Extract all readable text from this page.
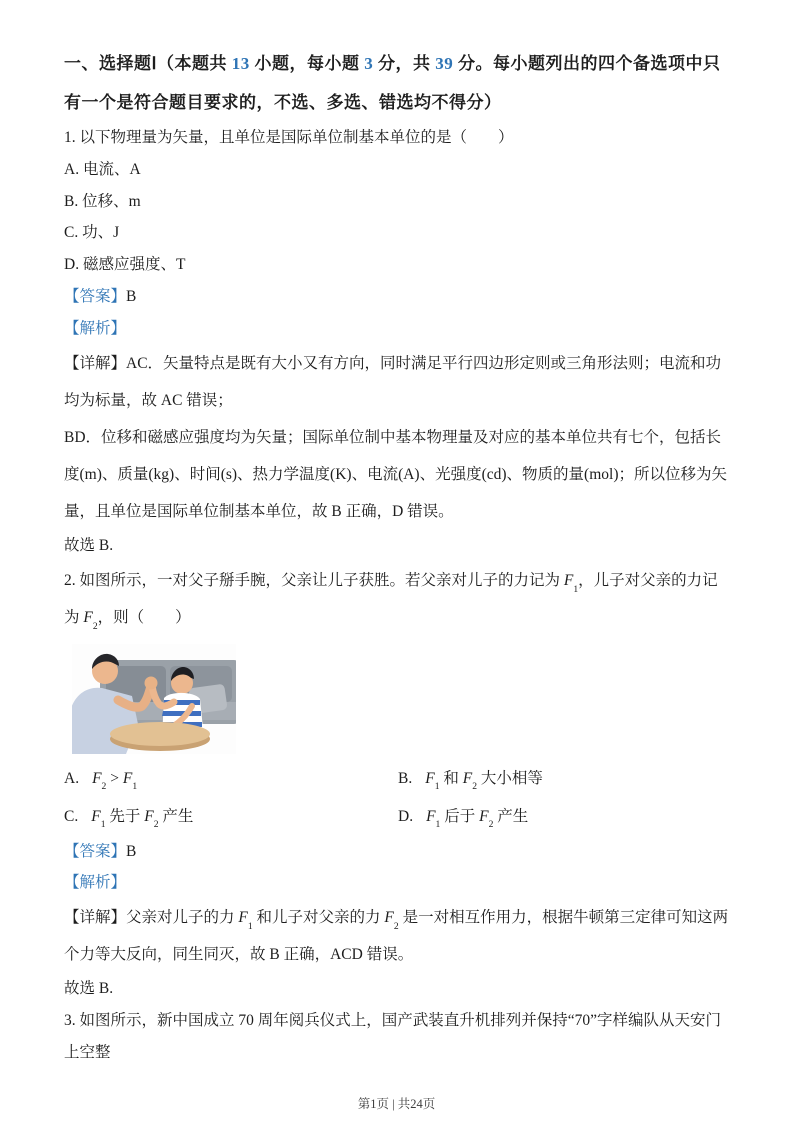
一、选择题Ⅰ（本题共 13 小题，每小题 3 分，共 39 分。每小题列出的四个备选项中只有一个是符合题目要求的，不选、多选、错选均不得分）

1. 以下物理量为矢量，且单位是国际单位制基本单位的是（　　）

A. 电流、A

B. 位移、m

C. 功、J

D. 磁感应强度、T

【答案】B

【解析】

【详解】AC．矢量特点是既有大小又有方向，同时满足平行四边形定则或三角形法则；电流和功均为标量，故 AC 错误；

BD．位移和磁感应强度均为矢量；国际单位制中基本物理量及对应的基本单位共有七个，包括长度(m)、质量(kg)、时间(s)、热力学温度(K)、电流(A)、光强度(cd)、物质的量(mol)；所以位移为矢量，且单位是国际单位制基本单位，故 B 正确，D 错误。

故选 B.

2. 如图所示，一对父子掰手腕，父亲让儿子获胜。若父亲对儿子的力记为 $F_1$，儿子对父亲的力记为 $F_2$，则（　　）

A. $F_2 > F_1$

B. $F_1$ 和 $F_2$ 大小相等

C. $F_1$ 先于 $F_2$ 产生	D. $F_1$ 后于 $F_2$ 产生

【答案】B

【解析】

【详解】父亲对儿子的力 $F_1$ 和儿子对父亲的力 $F_2$ 是一对相互作用力，根据牛顿第三定律可知这两个力等大反向，同生同灭，故 B 正确，ACD 错误。

故选 B.

3. 如图所示，新中国成立 70 周年阅兵仪式上，国产武装直升机排列并保持“70”字样编队从天安门上空整

第1页 | 共24页
